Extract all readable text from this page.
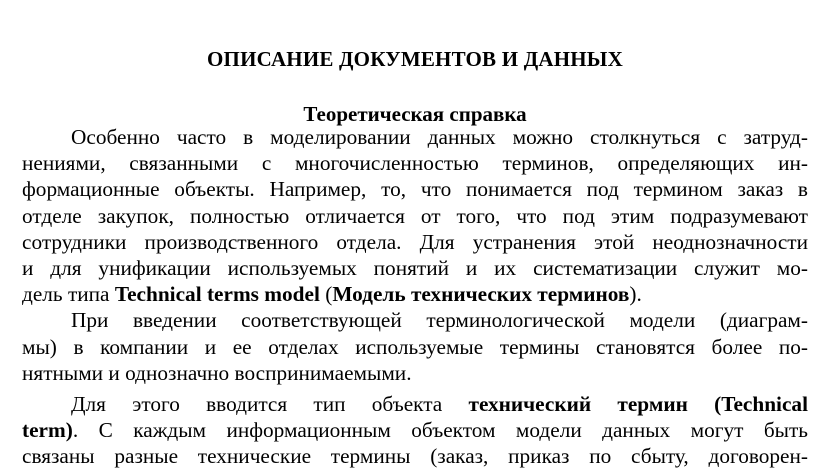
ОПИСАНИЕ ДОКУМЕНТОВ И ДАННЫХ
Теоретическая справка
Особенно часто в моделировании данных можно столкнуться с затруд-
нениями, связанными с многочисленностью терминов, определяющих ин-
формационные объекты. Например, то, что понимается под термином заказ в
отделе закупок, полностью отличается от того, что под этим подразумевают
сотрудники производственного отдела. Для устранения этой неоднозначности
и для унификации используемых понятий и их систематизации служит мо-
дель типа Technical terms model (Модель технических терминов).
При введении соответствующей терминологической модели (диаграм-
мы) в компании и ее отделах используемые термины становятся более по-
нятными и однозначно воспринимаемыми.
Для этого вводится тип объекта технический термин (Technical
term). С каждым информационным объектом модели данных могут быть
связаны разные технические термины (заказ, приказ по сбыту, договорен-
